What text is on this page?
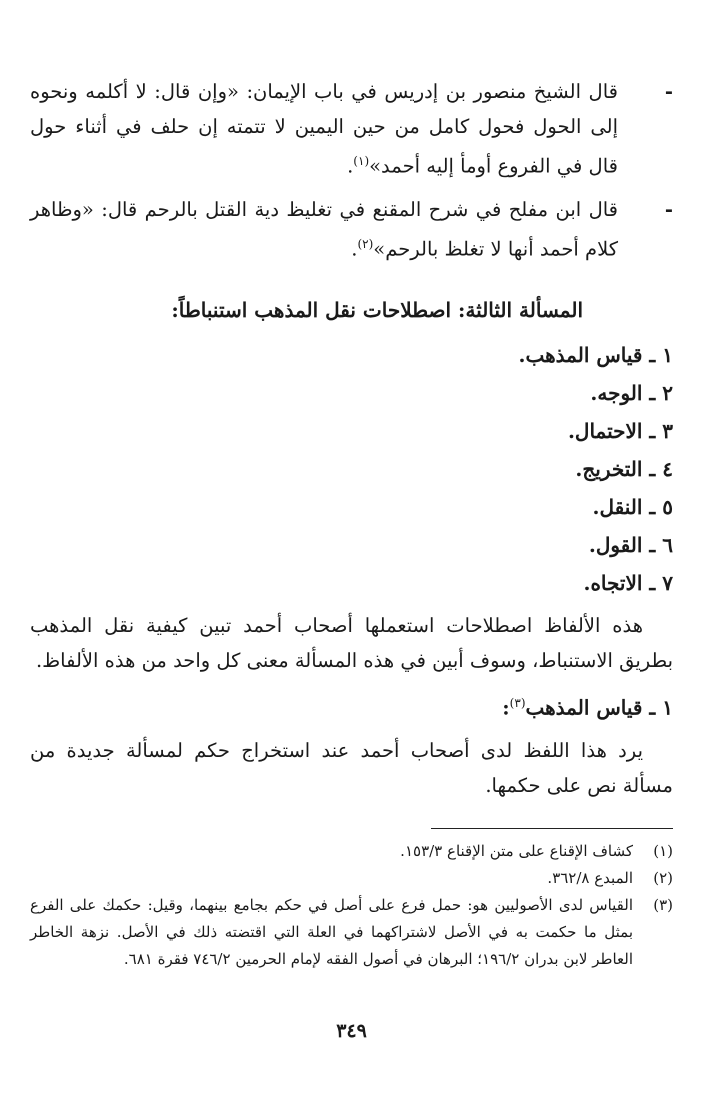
-
قال الشيخ منصور بن إدريس في باب الإيمان: «وإن قال: لا أكلمه ونحوه إلى الحول فحول كامل من حين اليمين لا تتمته إن حلف في أثناء حول قال في الفروع أومأ إليه أحمد»$^{(١)}$.
-
قال ابن مفلح في شرح المقنع في تغليظ دية القتل بالرحم قال: «وظاهر كلام أحمد أنها لا تغلظ بالرحم»$^{(٢)}$.
المسألة الثالثة: اصطلاحات نقل المذهب استنباطاً:
١ ـ قياس المذهب.
٢ ـ الوجه.
٣ ـ الاحتمال.
٤ ـ التخريج.
٥ ـ النقل.
٦ ـ القول.
٧ ـ الاتجاه.

هذه الألفاظ اصطلاحات استعملها أصحاب أحمد تبين كيفية نقل المذهب بطريق الاستنباط، وسوف أبين في هذه المسألة معنى كل واحد من هذه الألفاظ.

١ ـ قياس المذهب$^{(٣)}$:

يرد هذا اللفظ لدى أصحاب أحمد عند استخراج حكم لمسألة جديدة من مسألة نص على حكمها.

(١)
كشاف الإقناع على متن الإقناع ١٥٣/٣.
(٢)
المبدع ٣٦٢/٨.
(٣)
القياس لدى الأصوليين هو: حمل فرع على أصل في حكم بجامع بينهما، وقيل: حكمك على الفرع بمثل ما حكمت به في الأصل لاشتراكهما في العلة التي اقتضته ذلك في الأصل. نزهة الخاطر العاطر لابن بدران ١٩٦/٢؛ البرهان في أصول الفقه لإمام الحرمين ٧٤٦/٢ فقرة ٦٨١.
٣٤٩
